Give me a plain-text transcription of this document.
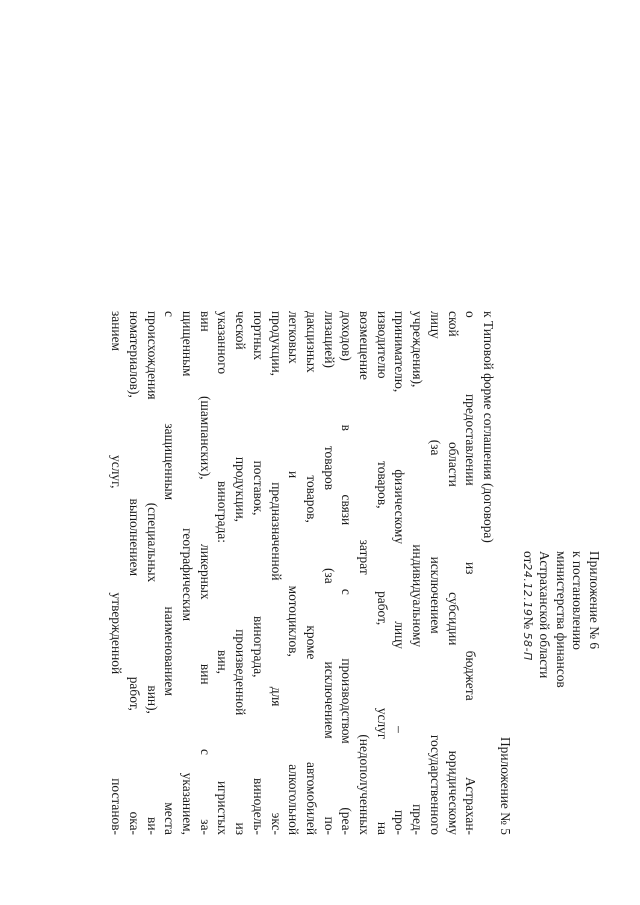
Приложение № 6
к постановлению
министерства финансов
Астраханской области
от24.12.19№ 58-П
Приложение № 5
к Типовой форме соглашения (договора)
о предоставлении из бюджета Астрахан-
ской области субсидии юридическому
лицу (за исключением государственного
учреждения), индивидуальному пред-
принимателю, физическому лицу – про-
изводителю товаров, работ, услуг на
возмещение затрат (недополученных
доходов) в связи с производством (реа-
лизацией) товаров (за исключением по-
дакцизных товаров, кроме автомобилей
легковых и мотоциклов, алкогольной
продукции, предназначенной для экс-
портных поставок, винограда, винодель-
ческой продукции, произведенной из
указанного винограда: вин, игристых
вин (шампанских), ликерных вин с за-
щищенным географическим указанием,
с защищенным наименованием места
происхождения (специальных вин), ви-
номатериалов), выполнением работ, ока-
занием услуг, утвержденной постанов-
